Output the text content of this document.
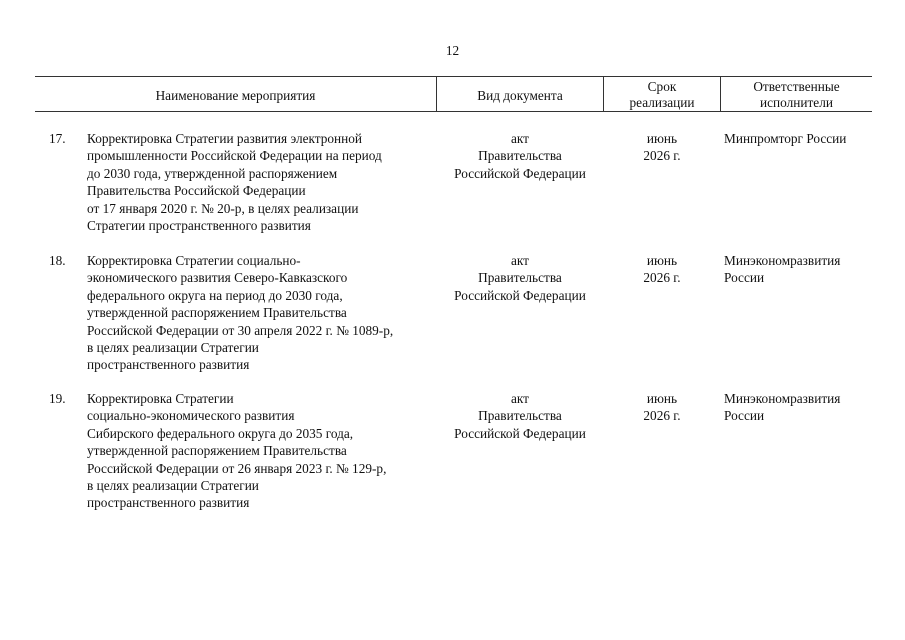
12
Наименование мероприятия	Вид документа
Срок
реализации
Ответственные
исполнители
17. Корректировка Стратегии развития электронной
промышленности Российской Федерации на период
до 2030 года, утвержденной распоряжением
Правительства Российской Федерации
от 17 января 2020 г. № 20-р, в целях реализации
Стратегии пространственного развития
акт
Правительства
Российской Федерации
июнь
2026 г.
Минпромторг России
18. Корректировка Стратегии социально-
экономического развития Северо-Кавказского
федерального округа на период до 2030 года,
утвержденной распоряжением Правительства
Российской Федерации от 30 апреля 2022 г. № 1089-р,
в целях реализации Стратегии
пространственного развития
акт
Правительства
Российской Федерации
июнь
2026 г.
Минэкономразвития
России
19. Корректировка Стратегии
социально-экономического развития
Сибирского федерального округа до 2035 года,
утвержденной распоряжением Правительства
Российской Федерации от 26 января 2023 г. № 129-р,
в целях реализации Стратегии
пространственного развития
акт
Правительства
Российской Федерации
июнь
2026 г.
Минэкономразвития
России
